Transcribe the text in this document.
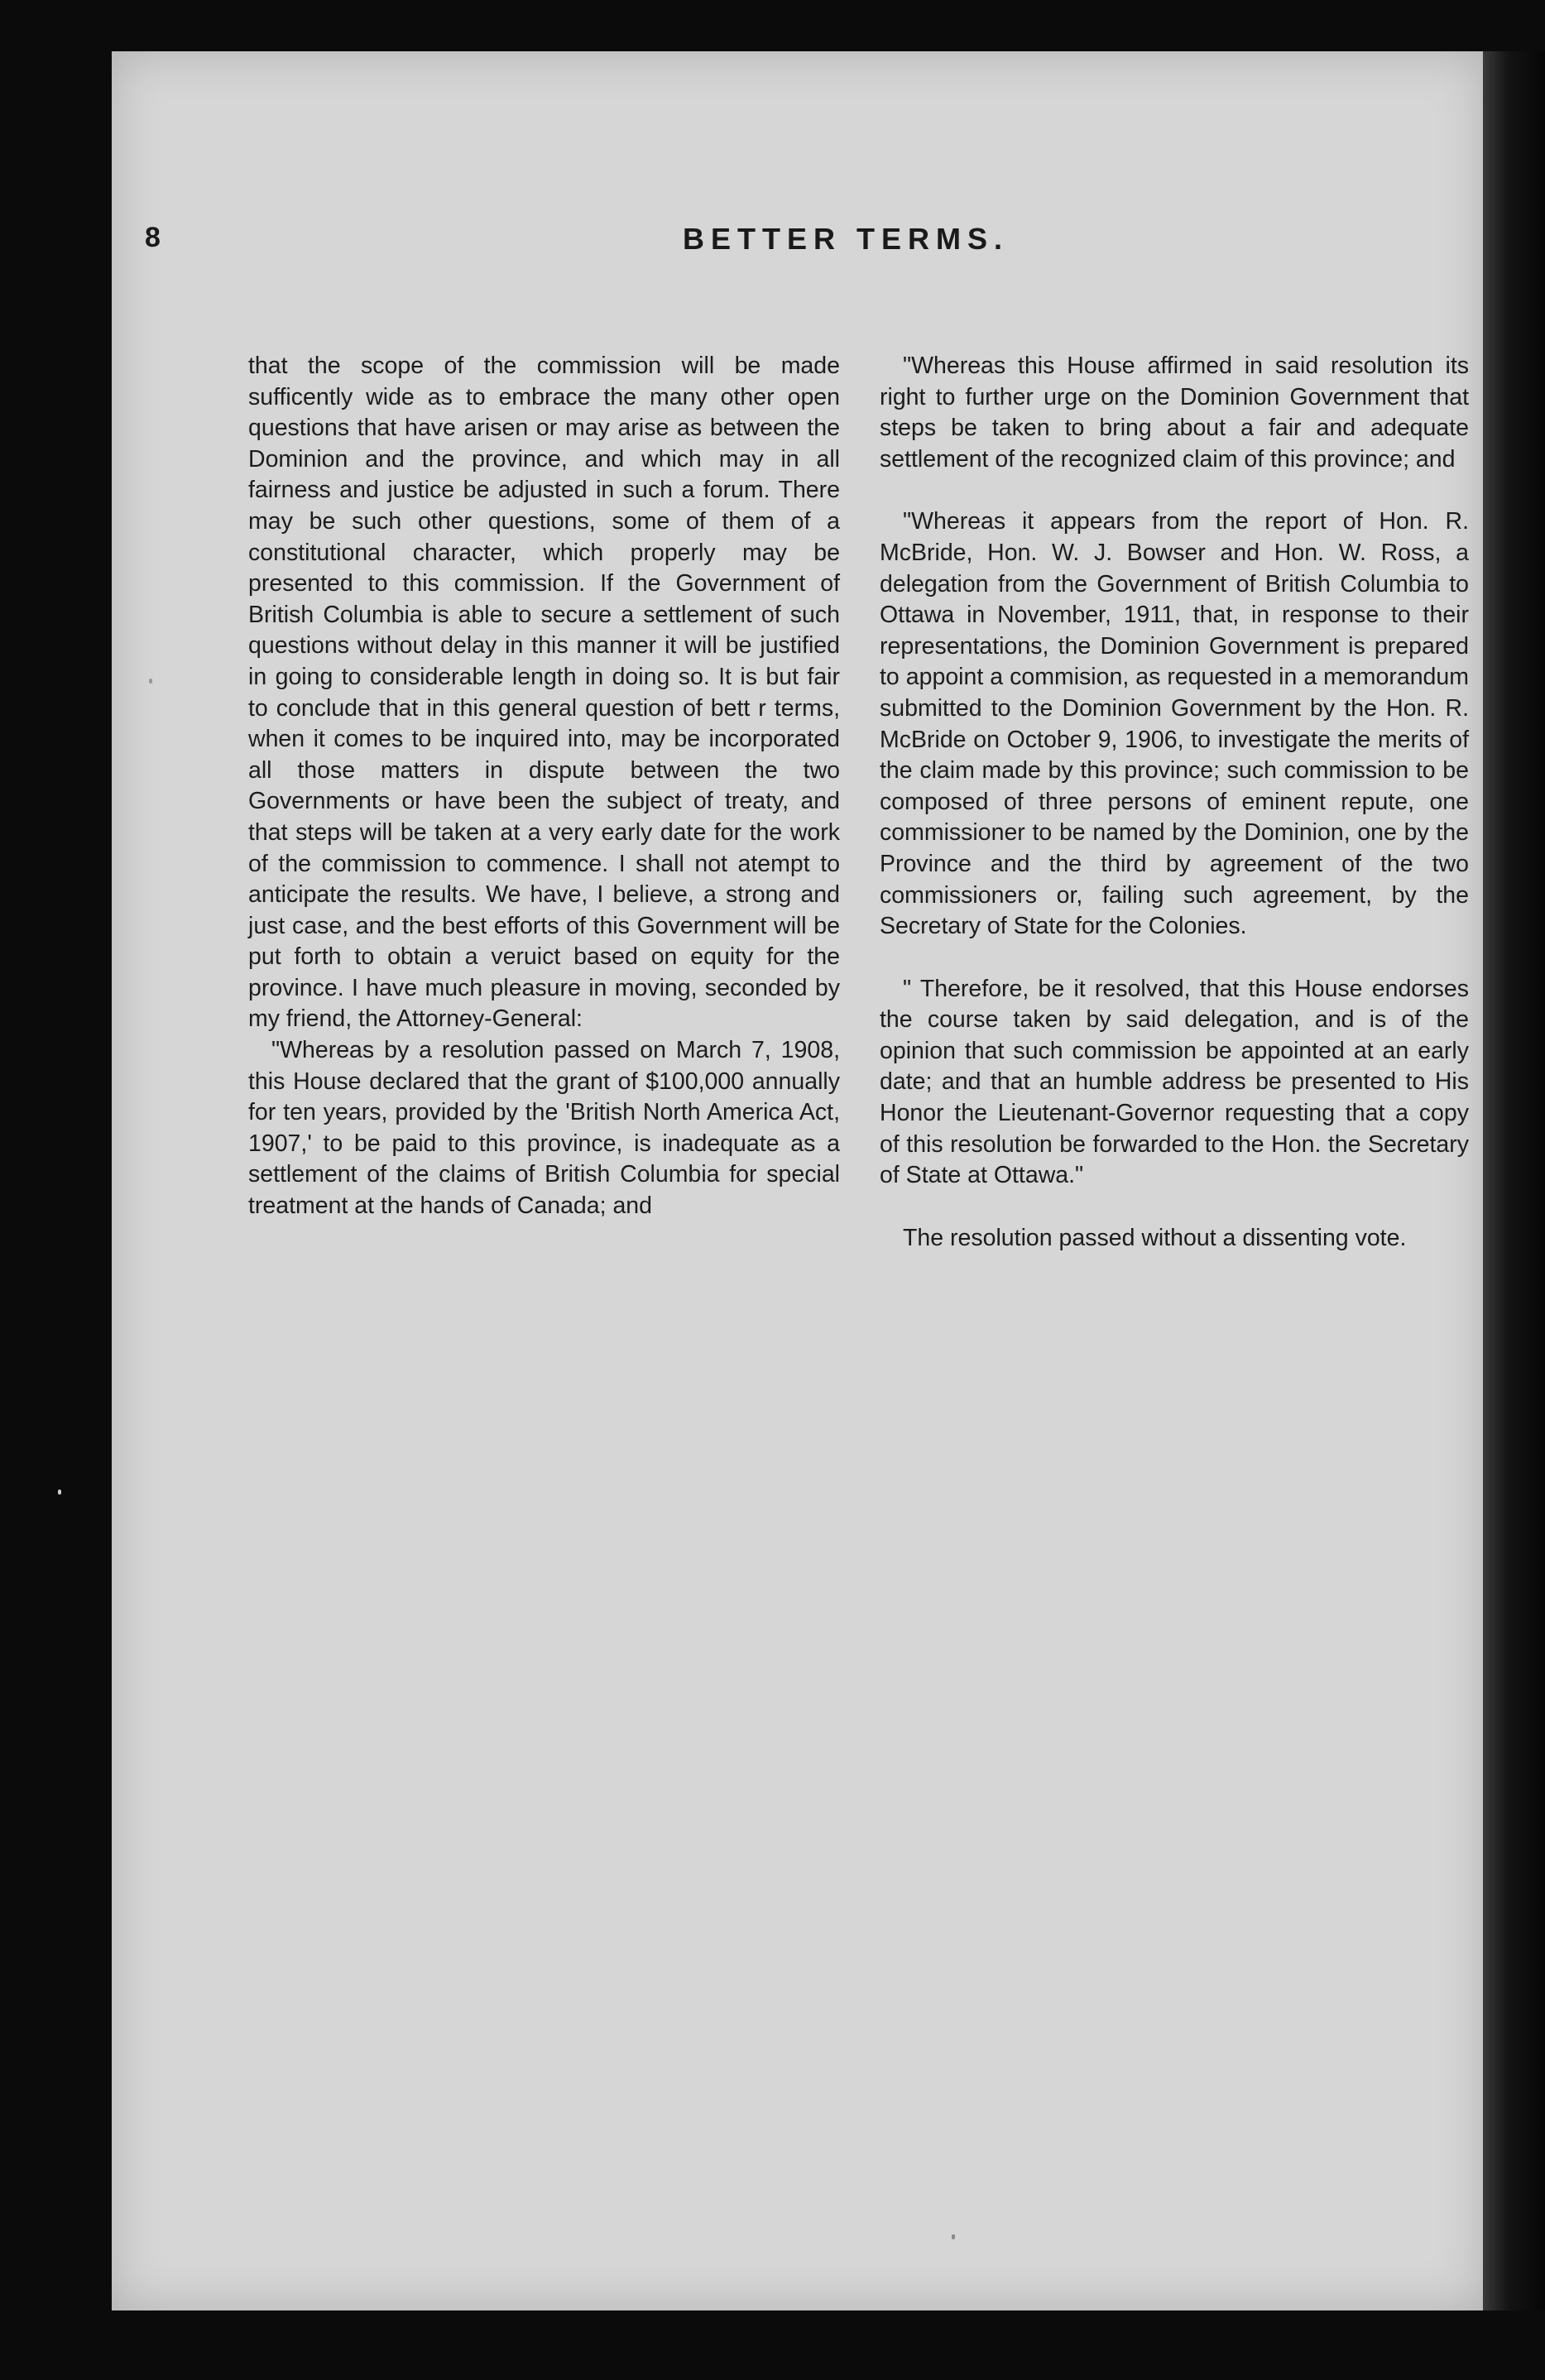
8	BETTER TERMS.

that the scope of the commission will be made sufficently wide as to embrace the many other open questions that have arisen or may arise as between the Dominion and the province, and which may in all fairness and justice be adjusted in such a forum. There may be such other questions, some of them of a constitutional character, which properly may be presented to this commission. If the Government of British Columbia is able to secure a settlement of such questions without delay in this manner it will be justified in going to considerable length in doing so. It is but fair to conclude that in this general question of bett r terms, when it comes to be inquired into, may be incorporated all those matters in dispute between the two Governments or have been the subject of treaty, and that steps will be taken at a very early date for the work of the commission to commence. I shall not atempt to anticipate the results. We have, I believe, a strong and just case, and the best efforts of this Government will be put forth to obtain a veruict based on equity for the province. I have much pleasure in moving, seconded by my friend, the Attorney-General:

"Whereas by a resolution passed on March 7, 1908, this House declared that the grant of $100,000 annually for ten years, provided by the 'British North America Act, 1907,' to be paid to this province, is inadequate as a settlement of the claims of British Columbia for special treatment at the hands of Canada; and

"Whereas this House affirmed in said resolution its right to further urge on the Dominion Government that steps be taken to bring about a fair and adequate settlement of the recognized claim of this province; and

"Whereas it appears from the report of Hon. R. McBride, Hon. W. J. Bowser and Hon. W. Ross, a delegation from the Government of British Columbia to Ottawa in November, 1911, that, in response to their representations, the Dominion Government is prepared to appoint a commision, as requested in a memorandum submitted to the Dominion Government by the Hon. R. McBride on October 9, 1906, to investigate the merits of the claim made by this province; such commission to be composed of three persons of eminent repute, one commissioner to be named by the Dominion, one by the Province and the third by agreement of the two commissioners or, failing such agreement, by the Secretary of State for the Colonies.

" Therefore, be it resolved, that this House endorses the course taken by said delegation, and is of the opinion that such commission be appointed at an early date; and that an humble address be presented to His Honor the Lieutenant-Governor requesting that a copy of this resolution be forwarded to the Hon. the Secretary of State at Ottawa."

The resolution passed without a dissenting vote.
